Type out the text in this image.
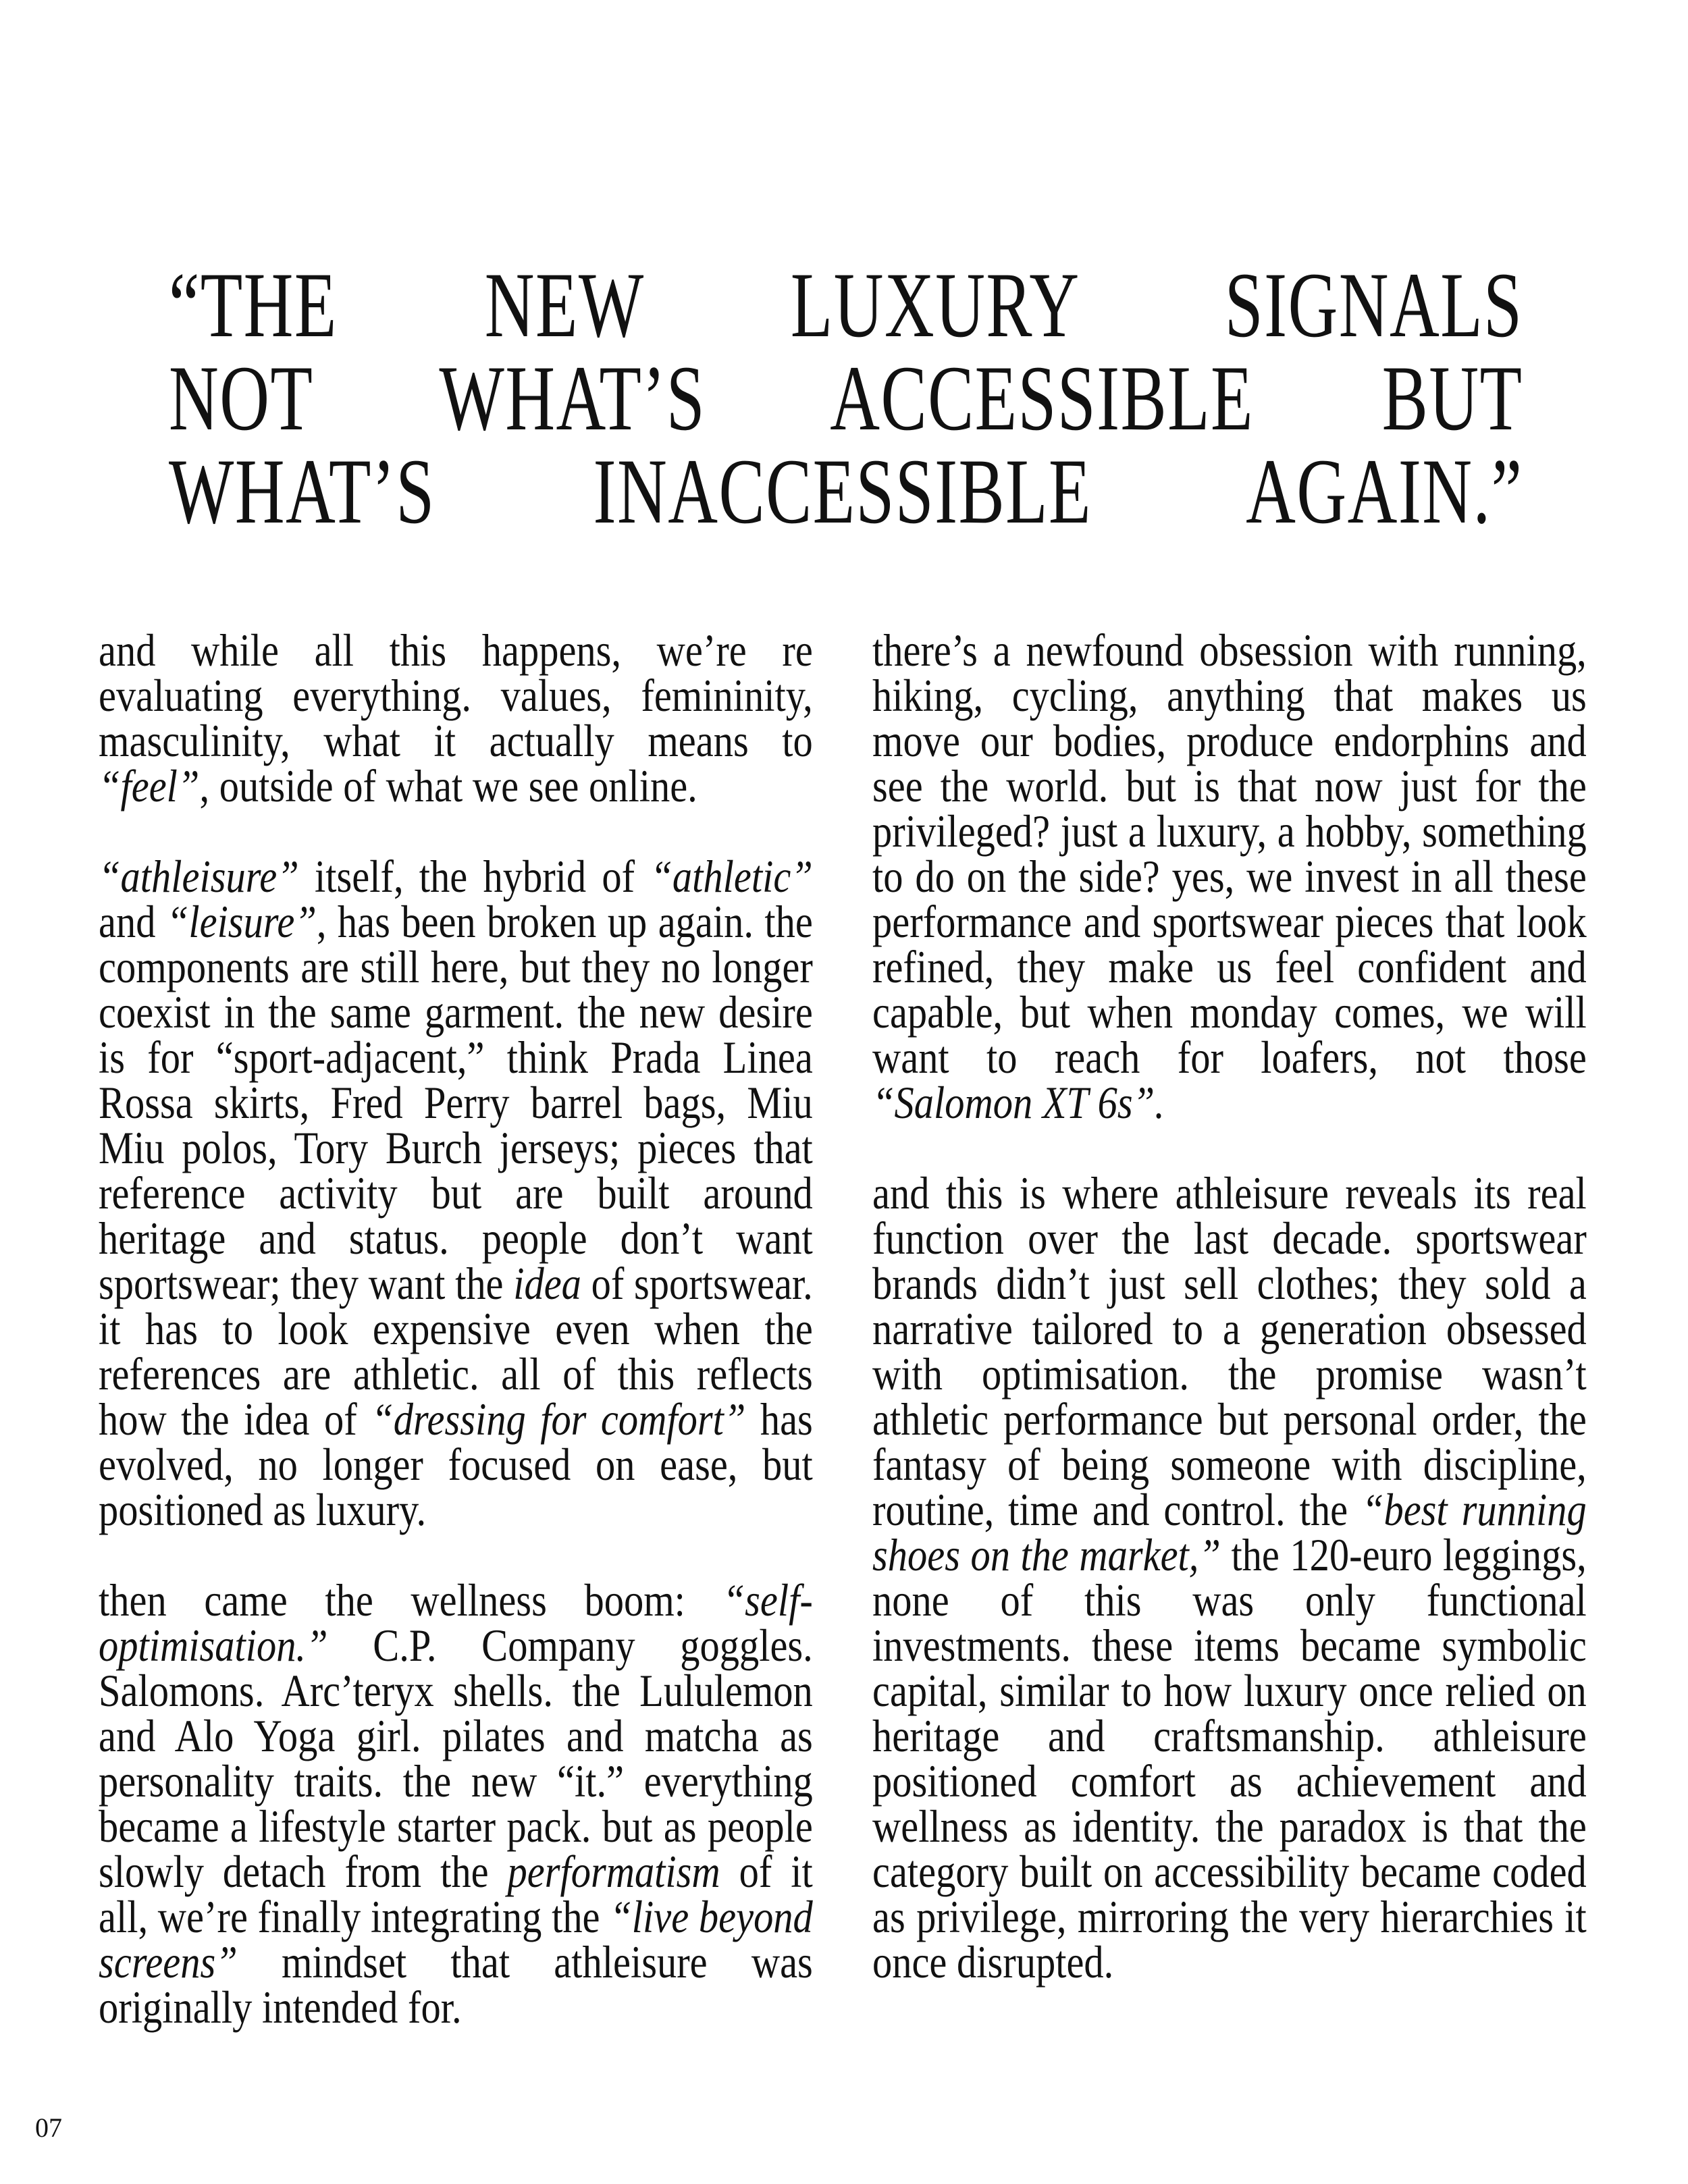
“THE NEW LUXURY SIGNALS
NOT WHAT’S ACCESSIBLE BUT
WHAT’S INACCESSIBLE AGAIN.”

and while all this happens, we’re re evaluating everything. values, femininity, masculinity, what it actually means to “feel”, outside of what we see online.

“athleisure” itself, the hybrid of “athletic” and “leisure”, has been broken up again. the components are still here, but they no longer coexist in the same garment. the new desire is for “sport-adjacent,” think Prada Linea Rossa skirts, Fred Perry barrel bags, Miu Miu polos, Tory Burch jerseys; pieces that reference activity but are built around heritage and status. people don’t want sportswear; they want the idea of sportswear. it has to look expensive even when the references are athletic. all of this reflects how the idea of “dressing for comfort” has evolved, no longer focused on ease, but positioned as luxury.

then came the wellness boom: “self-optimisation.” C.P. Company goggles. Salomons. Arc’teryx shells. the Lululemon and Alo Yoga girl. pilates and matcha as personality traits. the new “it.” everything became a lifestyle starter pack. but as people slowly detach from the performatism of it all, we’re finally integrating the “live beyond screens” mindset that athleisure was originally intended for.

there’s a newfound obsession with running, hiking, cycling, anything that makes us move our bodies, produce endorphins and see the world. but is that now just for the privileged? just a luxury, a hobby, something to do on the side? yes, we invest in all these performance and sportswear pieces that look refined, they make us feel confident and capable, but when monday comes, we will want to reach for loafers, not those “Salomon XT 6s”.

and this is where athleisure reveals its real function over the last decade. sportswear brands didn’t just sell clothes; they sold a narrative tailored to a generation obsessed with optimisation. the promise wasn’t athletic performance but personal order, the fantasy of being someone with discipline, routine, time and control. the “best running shoes on the market,” the 120-euro leggings, none of this was only functional investments. these items became symbolic capital, similar to how luxury once relied on heritage and craftsmanship. athleisure positioned comfort as achievement and wellness as identity. the paradox is that the category built on accessibility became coded as privilege, mirroring the very hierarchies it once disrupted.

07
